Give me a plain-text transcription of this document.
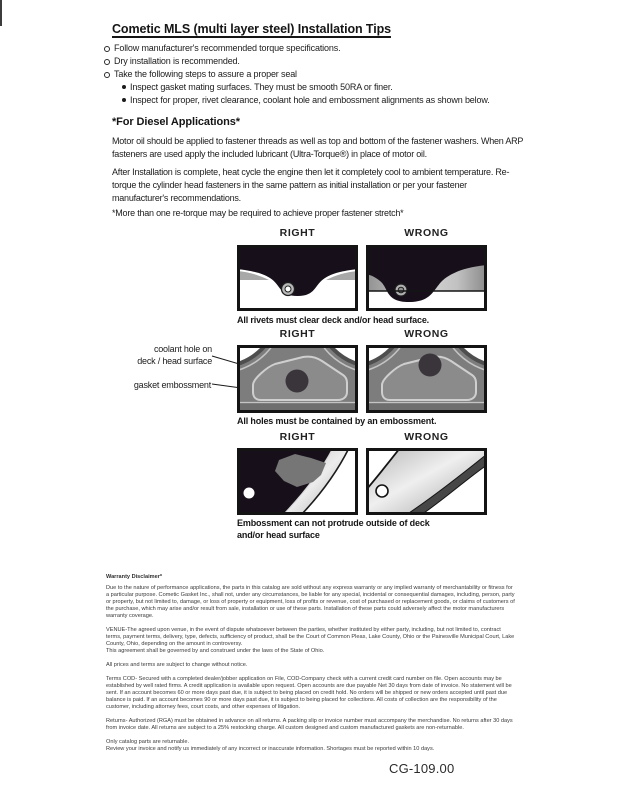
Cometic MLS (multi layer steel) Installation Tips
Follow manufacturer's recommended torque specifications.
Dry installation is recommended.
Take the following steps to assure a proper seal
Inspect gasket mating surfaces. They must be smooth 50RA or finer.
Inspect for proper, rivet clearance, coolant hole and embossment alignments as shown below.
*For Diesel Applications*

Motor oil should be applied to fastener threads as well as top and bottom of the fastener washers. When ARP fasteners are used apply the included lubricant (Ultra-Torque®) in place of motor oil.

After Installation is complete, heat cycle the engine then let it completely cool to ambient temperature. Re-torque the cylinder head fasteners in the same pattern as initial installation or per your fastener manufacturer's recommendations.

*More than one re-torque may be required to achieve proper fastener stretch*

RIGHT	WRONG
All rivets must clear deck and/or head surface.
RIGHT	WRONG
coolant hole on
deck / head surface
gasket embossment
All holes must be contained by an embossment.
RIGHT	WRONG
Embossment can not protrude outside of deck
and/or head surface

Warranty Disclaimer*

Due to the nature of performance applications, the parts in this catalog are sold without any express warranty or any implied warranty of merchantability or fitness for a particular purpose. Cometic Gasket Inc., shall not, under any circumstances, be liable for any special, incidental or consequential damages, including, person, party or property, but not limited to, damage, or loss of property or equipment, loss of profits or revenue, cost of purchased or replacement goods, or claims of customers of the purchase, which may arise and/or result from sale, installation or use of these parts. Installation of these parts could adversely affect the motor manufacturers warranty coverage.

VENUE-The agreed upon venue, in the event of dispute whatsoever between the parties, whether instituted by either party, including, but not limited to, contract terms, payment terms, delivery, type, defects, sufficiency of product, shall be the Court of Common Pleas, Lake County, Ohio or the Painesville Municipal Court, Lake County, Ohio, depending on the amount in controversy.

This agreement shall be governed by and construed under the laws of the State of Ohio.

All prices and terms are subject to change without notice.

Terms COD- Secured with a completed dealer/jobber application on File, COD-Company check with a current credit card number on file. Open accounts may be established by well rated firms. A credit application is available upon request. Open accounts are due payable Net 30 days from date of invoice. No statement will be sent. If an account becomes 60 or more days past due, it is subject to being placed on credit hold. No orders will be shipped or new orders accepted until past due balance is paid. If an account becomes 90 or more days past due, it is subject to being placed for collections. All costs of collection are the responsibility of the customer, including attorney fees, court costs, and other expenses of litigation.

Returns- Authorized (RGA) must be obtained in advance on all returns. A packing slip or invoice number must accompany the merchandise. No returns after 30 days from invoice date. All returns are subject to a 25% restocking charge. All custom designed and custom manufactured gaskets are non-returnable.

Only catalog parts are returnable.

Review your invoice and notify us immediately of any incorrect or inaccurate information. Shortages must be reported within 10 days.

CG-109.00
